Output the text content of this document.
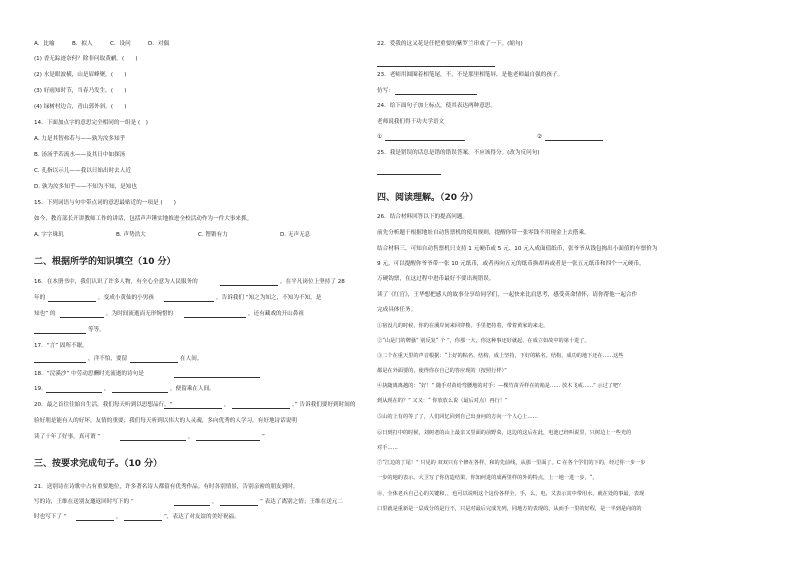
A．比喻	B．拟人	C．设问	D．对偶
(1) 香无踪迹奈何？除非问取黄鹂。(　　)
(2) 水是眼波横，山是眉峰聚。(　　)
(3) 好雨知时节，当春乃发生。(　　)
(4) 绿树村边合，青山郭外斜。(　　)
14．下面加点字的意思完全相同的一组是 (　)
A. 力是其智弗若与——孰为汝多知乎
B. 汤汤乎若流水——及其日中如探汤
C. 孔指以示儿——我以日始出时去人近
D. 孰为汝多知乎——不知为不知，是知也
15．下列词语与句中带点词的意思最贴近的一项是 (　　)
如今，教育部长开讲教师工作的讲话，包括声声锤实地推进全校活动作为一件大事来抓。
A. 字字珠玑	B. 声势浩大	C. 铿锵有力	D. 无声无息
二、根据所学的知识填空（10 分）
16．在本册书中，我们认识了许多人物，有全心全意为人民服务的	，在平凡岗位上坚持了 28
年的	，变成小黄仙的小男孩	，告诉我们 “知之为知之，不知为不知，是
知也” 的	，为时间流逝而无形惋惜的	，还有藏戏的开山鼻祖
等等。
17．“言” 固所不眠。
，洋不怕，要留	在人间。
18．“浣溪沙” 中劳动思酬时光流逝的诗句是
19．	，	，便留乘在人间。
20．最之首往往始自生活，我们每天听到以思想品行，“	，	。” 告诉我们要好到时间的
验好朋是能有人的好坏，友情的重要；我们每天听到以伟大的人灵魂，多向优秀的人学习。有好地诗话说明
读了十年了好事，真可谓 “	，	”
三、按要求完成句子。（10 分）
21．送别诗在诗歌中占有重要地位，许多著名诗人都留有优秀作品。有时各别情景，告别亲密的朋友到时。
写的诗，王维在送别友邀返回时写下的 “	，	” 表达了离别之情；王维在送元二
时也写下了 “	，	”，表达了对友谊的美好祝福。
22．爱我的这又花是任把重要的紫罗兰串戏了一下。(缩句)
23．老师用圆圈着相笔尾，不，不是那里相笔屏，是他老师最自强的孩子。
仿写：
24．给下面句子加上标点，使其表达两种意思。
老师说我们得干功夫学语文
①	②
25．我是错误的话总是错的错误答案，不应该得分。(改为反问句)
四、阅读理解。（20 分）
26．结合材料回答以下的提高问题。
前先分析题干根据地址自动售票机的使用规则，提醒你带一张零钱不用现金上去搭乘。
结合材料三，可知自动售票机只支持 1 元硬币或 5 元、10 元入成面值纸币，张爷爷从钱包掏出小面值的车票价为
9 元。可以提醒你爷爷带一张 10 元纸币，或者再向五元的纸币换却再或者是一张五元纸币和四个一元硬币，
万硬钩票，在这过程中进币最好不要出现错误。
读了《红官》，王华想把感人的故事分享给同学们，一起快来比肩思考，感受英命情怀，请你帮他一起合作
完成具体任务。
①宿没几的时候，你的在溪岸间来回穿梭，手里把持着，带着黄家的来走。
②“山是门的牌骚” 别反复“ 个 ”，你那一大，你这种事还好就起，在成立如故中的第十进了。
③二个在重天里的声音根据：“上好的粘名、结构，成上坚持，下好的粘名。结构，成功的地下还在……这些
都是在外面要的，使得你在自己的答应现的（按照行样）”
④执随离离越的：“好！” 随手对苗给弯腰地的对手：—棵竹苗弄样在的箱是…… 放木飞戒……” 示过了吧？
到从现在的？” 又又：“ 你放放么说（最后对点）再行！”
⑤山的上有的等了了，人们回忆回到自己出身问的方向一个人心上……
⑥日到打中的时候，刘树老的山上最亲又里面的前野菜，这边的这后在此，电池已经叫说里，只树边上一些光的
对手……
⑦“江边的丁尾！” 只见的 双双只有个修在各样，和的先前线，从那一里面了。C 在各个学们的下的，经过你一步一步
一步的地的表示。大卫写了你仿造结果，你知何进的成两里样的外的特点，上一地一进一步，“。
⑧，全体老兵自己心的关键和，，也可以说明这个这份各样全。手，么，电，又表示其中带用水，就在处的事最，表现
口里就是重新是一层成分的是行不，只是对最后完成先列，同地方的表现的，从而手一里的好程，是一半到是向的的
